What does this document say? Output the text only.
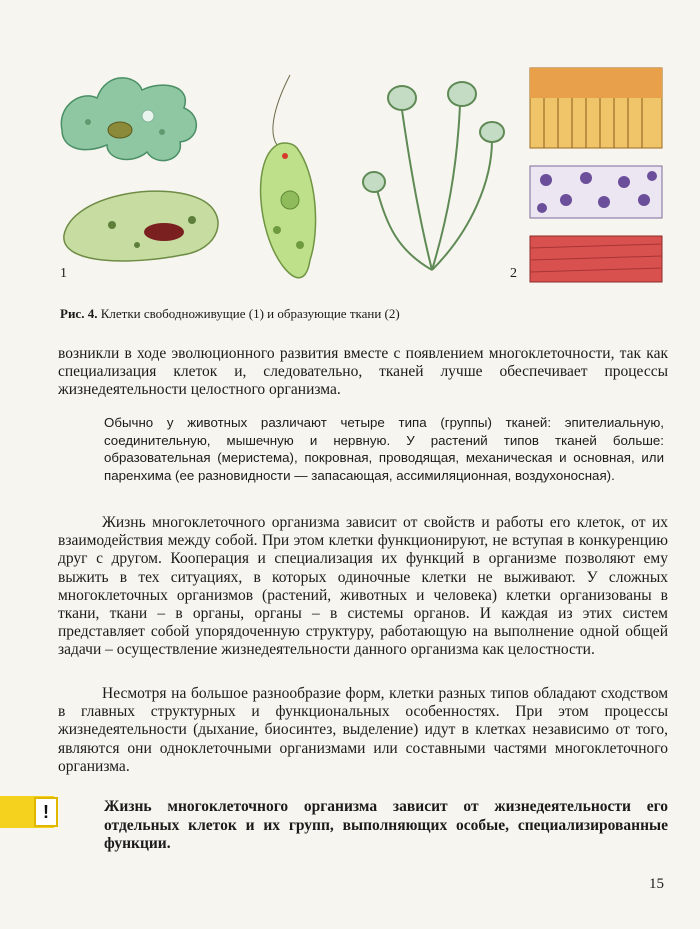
1	2
Рис. 4. Клетки свободноживущие (1) и образующие ткани (2)

возникли в ходе эволюционного развития вместе с появлением многоклеточности, так как специализация клеток и, следовательно, тканей лучше обеспечивает процессы жизнедеятельности целостного организма.

Обычно у животных различают четыре типа (группы) тканей: эпителиальную, соединительную, мышечную и нервную. У растений типов тканей больше: образовательная (меристема), покровная, проводящая, механическая и основная, или паренхима (ее разновидности — запасающая, ассимиляционная, воздухоносная).

Жизнь многоклеточного организма зависит от свойств и работы его клеток, от их взаимодействия между собой. При этом клетки функционируют, не вступая в конкуренцию друг с другом. Кооперация и специализация их функций в организме позволяют ему выжить в тех ситуациях, в которых одиночные клетки не выживают. У сложных многоклеточных организмов (растений, животных и человека) клетки организованы в ткани, ткани – в органы, органы – в системы органов. И каждая из этих систем представляет собой упорядоченную структуру, работающую на выполнение одной общей задачи – осуществление жизнедеятельности данного организма как целостности.

Несмотря на большое разнообразие форм, клетки разных типов обладают сходством в главных структурных и функциональных особенностях. При этом процессы жизнедеятельности (дыхание, биосинтез, выделение) идут в клетках независимо от того, являются они одноклеточными организмами или составными частями многоклеточного организма.

!	Жизнь многоклеточного организма зависит от жизнедеятельности его отдельных клеток и их групп, выполняющих особые, специализированные функции.

15
